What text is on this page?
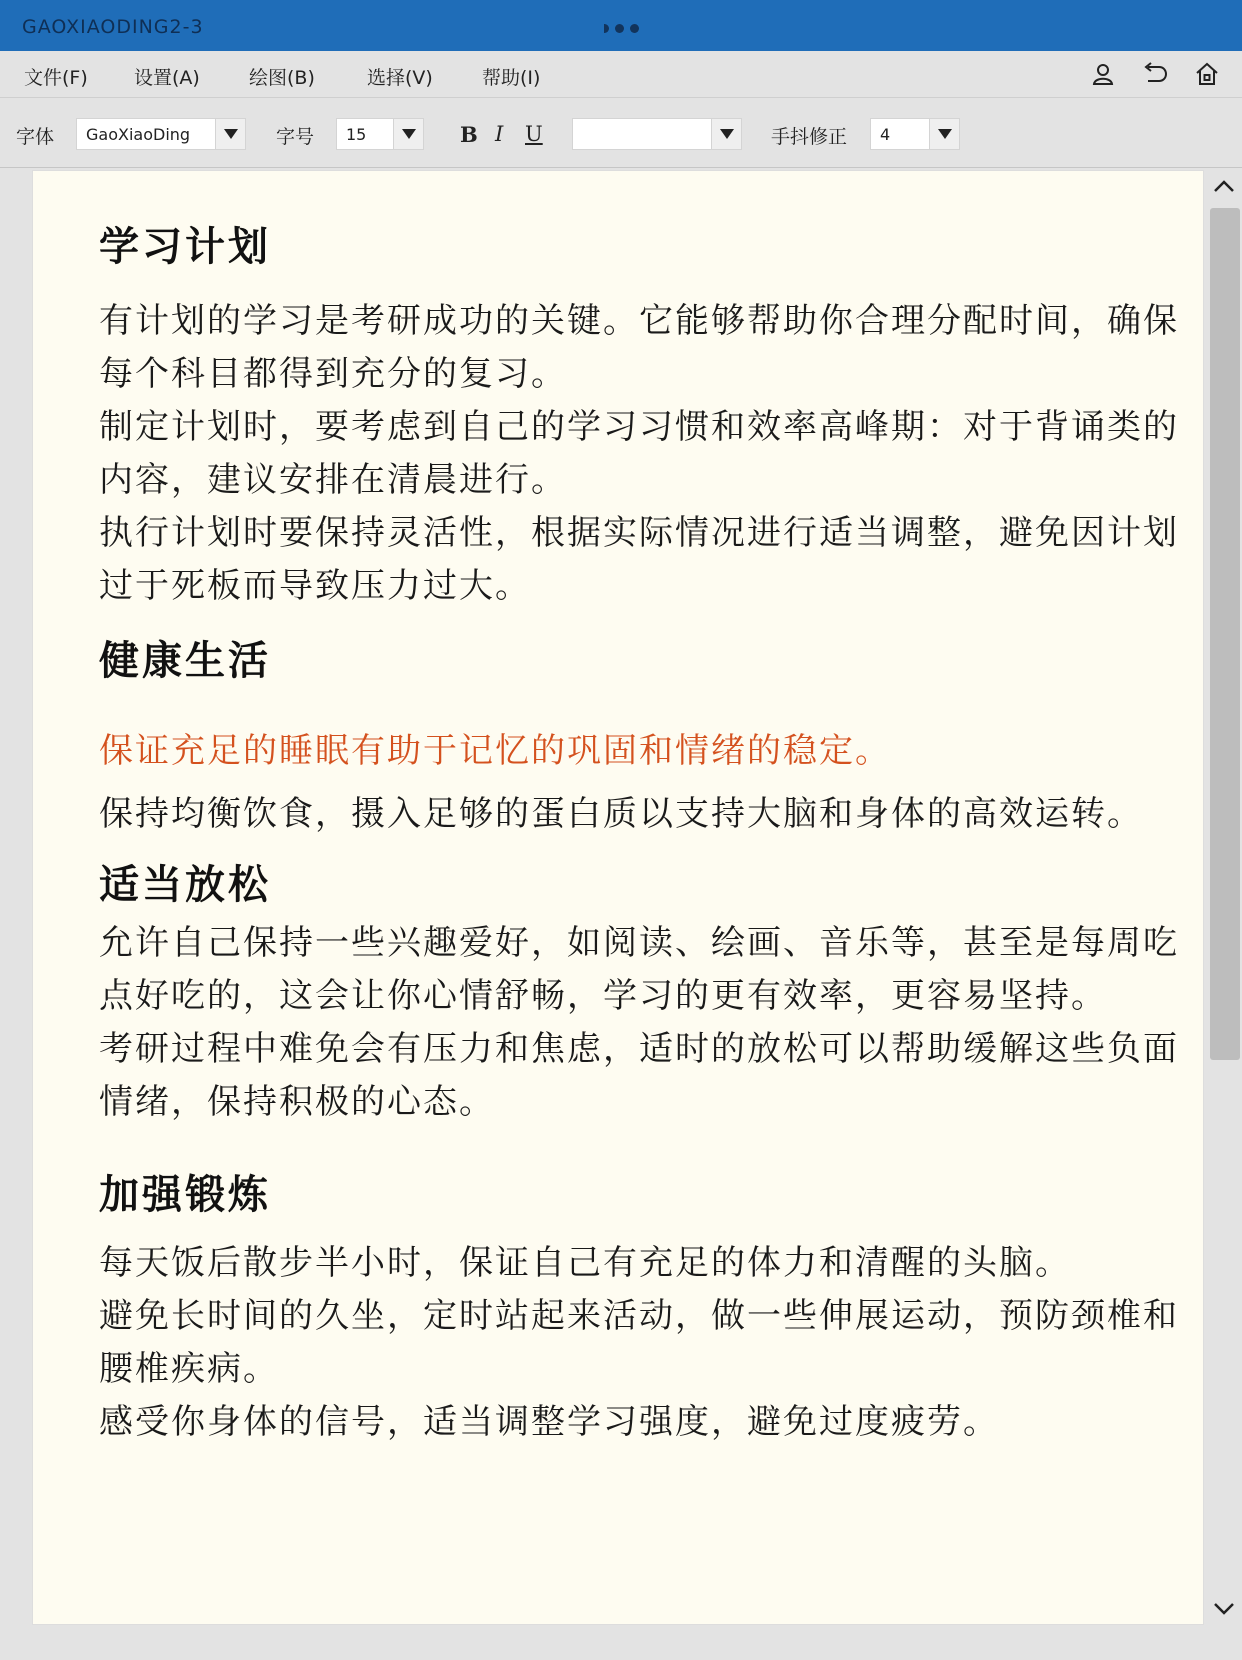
GAOXIAODING2-3
文件(F) 设置(A)	绘图(B)	选择(V)	帮助(I)
字体	GaoXiaoDing	字号	15	B I U	手抖修正	4
学习计划

有计划的学习是考研成功的关键。它能够帮助你合理分配时间，确保每个科目都得到充分的复习。

制定计划时，要考虑到自己的学习习惯和效率高峰期：对于背诵类的内容，建议安排在清晨进行。

执行计划时要保持灵活性，根据实际情况进行适当调整，避免因计划过于死板而导致压力过大。

健康生活

保证充足的睡眠有助于记忆的巩固和情绪的稳定。

保持均衡饮食，摄入足够的蛋白质以支持大脑和身体的高效运转。

适当放松

允许自己保持一些兴趣爱好，如阅读、绘画、音乐等，甚至是每周吃点好吃的，这会让你心情舒畅，学习的更有效率，更容易坚持。

考研过程中难免会有压力和焦虑，适时的放松可以帮助缓解这些负面情绪，保持积极的心态。

加强锻炼

每天饭后散步半小时，保证自己有充足的体力和清醒的头脑。

避免长时间的久坐，定时站起来活动，做一些伸展运动，预防颈椎和腰椎疾病。

感受你身体的信号，适当调整学习强度，避免过度疲劳。
